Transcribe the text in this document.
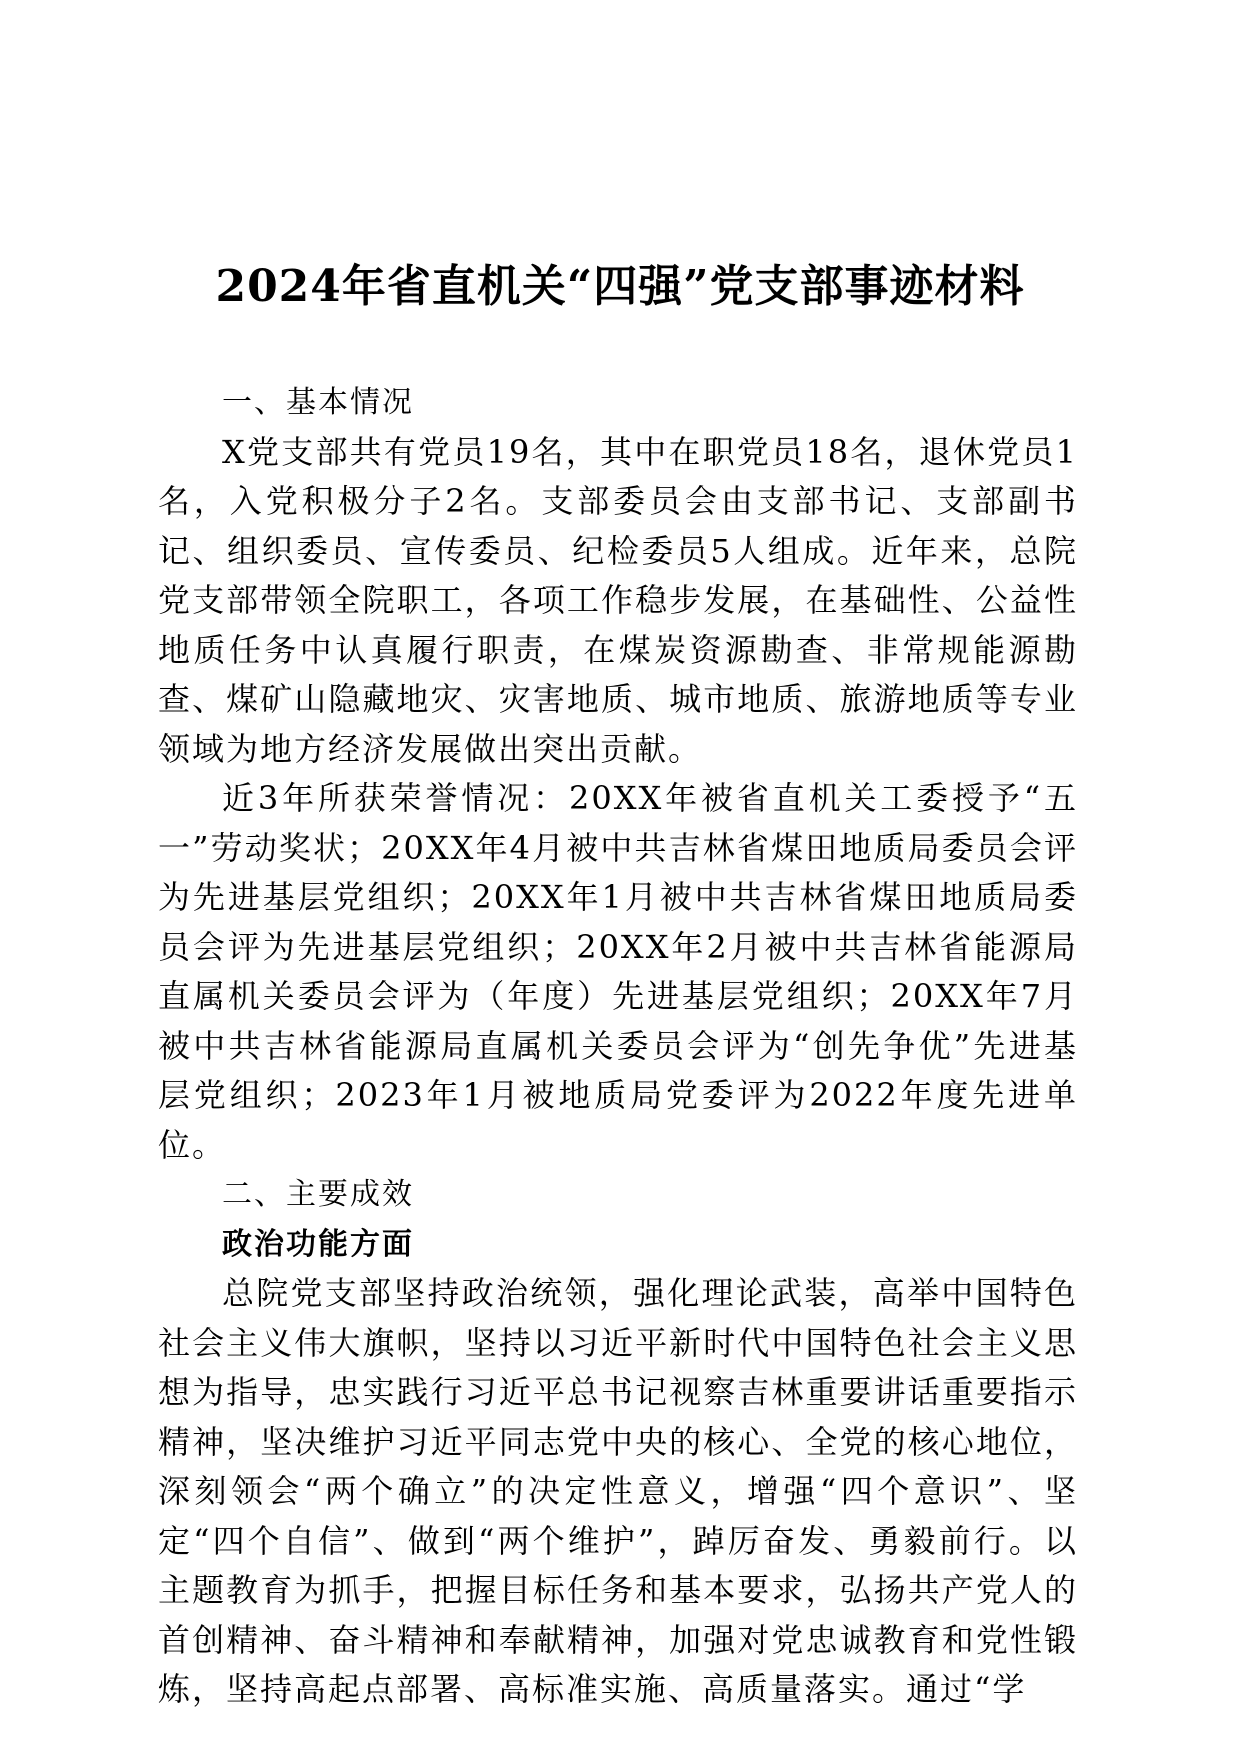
2024年省直机关“四强”党支部事迹材料
一、基本情况

X党支部共有党员19名，其中在职党员18名，退休党员1名，入党积极分子2名。支部委员会由支部书记、支部副书记、组织委员、宣传委员、纪检委员5人组成。近年来，总院党支部带领全院职工，各项工作稳步发展，在基础性、公益性地质任务中认真履行职责，在煤炭资源勘查、非常规能源勘查、煤矿山隐藏地灾、灾害地质、城市地质、旅游地质等专业领域为地方经济发展做出突出贡献。

近3年所获荣誉情况：20XX年被省直机关工委授予“五一”劳动奖状；20XX年4月被中共吉林省煤田地质局委员会评为先进基层党组织；20XX年1月被中共吉林省煤田地质局委员会评为先进基层党组织；20XX年2月被中共吉林省能源局直属机关委员会评为（年度）先进基层党组织；20XX年7月被中共吉林省能源局直属机关委员会评为“创先争优”先进基层党组织；2023年1月被地质局党委评为2022年度先进单位。

二、主要成效
政治功能方面

总院党支部坚持政治统领，强化理论武装，高举中国特色社会主义伟大旗帜，坚持以习近平新时代中国特色社会主义思想为指导，忠实践行习近平总书记视察吉林重要讲话重要指示精神，坚决维护习近平同志党中央的核心、全党的核心地位，深刻领会“两个确立”的决定性意义，增强“四个意识”、坚定“四个自信”、做到“两个维护”，踔厉奋发、勇毅前行。以主题教育为抓手，把握目标任务和基本要求，弘扬共产党人的首创精神、奋斗精神和奉献精神，加强对党忠诚教育和党性锻炼，坚持高起点部署、高标准实施、高质量落实。通过“学
